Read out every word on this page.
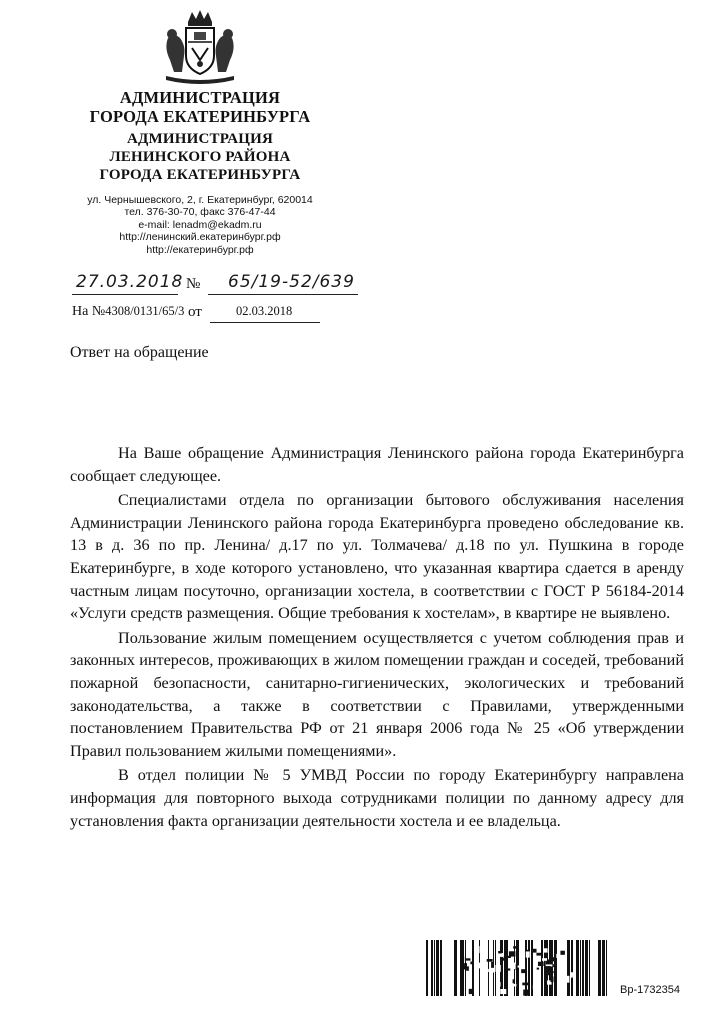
АДМИНИСТРАЦИЯ
ГОРОДА ЕКАТЕРИНБУРГА
АДМИНИСТРАЦИЯ
ЛЕНИНСКОГО РАЙОНА
ГОРОДА ЕКАТЕРИНБУРГА
ул. Чернышевского, 2, г. Екатеринбург, 620014
тел. 376-30-70, факс 376-47-44
e-mail: lenadm@ekadm.ru
http://ленинский.екатеринбург.рф
http://екатеринбург.рф
27.03.2018 № 65/19-52/639
На №4308/0131/65/3 от	02.03.2018
Ответ на обращение

На Ваше обращение Администрация Ленинского района города Екатеринбурга сообщает следующее.

Специалистами отдела по организации бытового обслуживания населения Администрации Ленинского района города Екатеринбурга проведено обследование кв. 13 в д. 36 по пр. Ленина/ д.17 по ул. Толмачева/ д.18 по ул. Пушкина в городе Екатеринбурге, в ходе которого установлено, что указанная квартира сдается в аренду частным лицам посуточно, организации хостела, в соответствии с ГОСТ Р 56184-2014 «Услуги средств размещения. Общие требования к хостелам», в квартире не выявлено.

Пользование жилым помещением осуществляется с учетом соблюдения прав и законных интересов, проживающих в жилом помещении граждан и соседей, требований пожарной безопасности, санитарно-гигиенических, экологических и требований законодательства, а также в соответствии с Правилами, утвержденными постановлением Правительства РФ от 21 января 2006 года № 25 «Об утверждении Правил пользованием жилыми помещениями».

В отдел полиции № 5 УМВД России по городу Екатеринбургу направлена информация для повторного выхода сотрудниками полиции по данному адресу для установления факта организации деятельности хостела и ее владельца.

Вр-1732354
